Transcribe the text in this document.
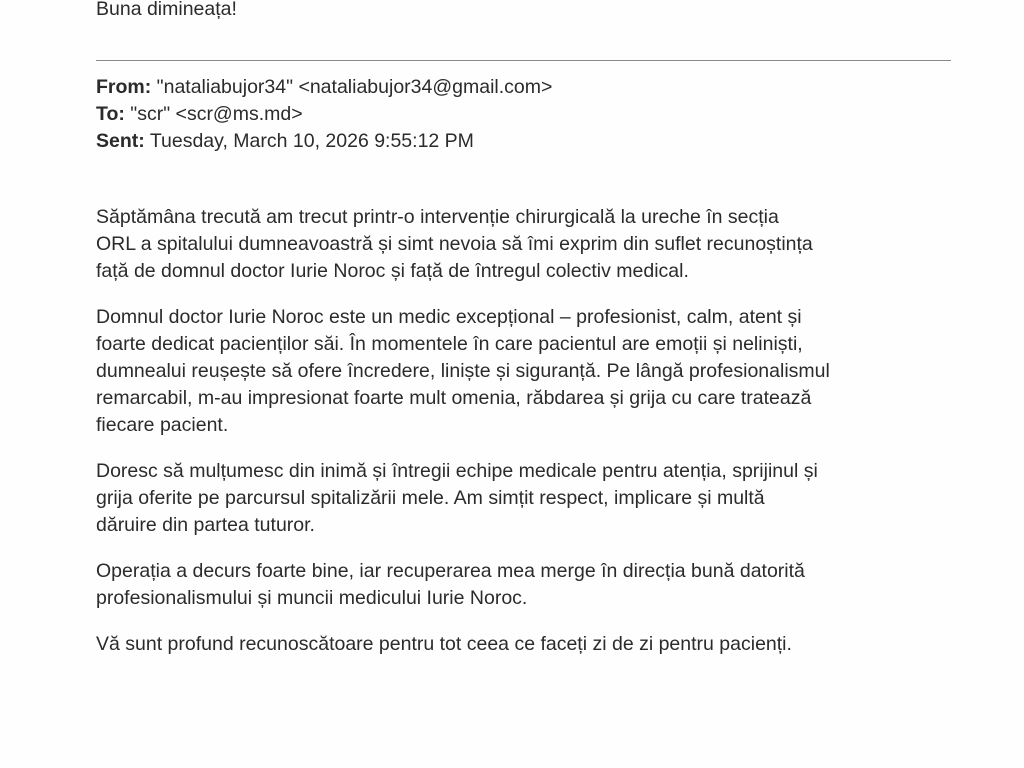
Buna dimineața!

From: "nataliabujor34" <nataliabujor34@gmail.com>
To: "scr" <scr@ms.md>
Sent: Tuesday, March 10, 2026 9:55:12 PM

Săptămâna trecută am trecut printr-o intervenție chirurgicală la ureche în secția
ORL a spitalului dumneavoastră și simt nevoia să îmi exprim din suflet recunoștința
față de domnul doctor Iurie Noroc și față de întregul colectiv medical.

Domnul doctor Iurie Noroc este un medic excepțional – profesionist, calm, atent și
foarte dedicat pacienților săi. În momentele în care pacientul are emoții și neliniști,
dumnealui reușește să ofere încredere, liniște și siguranță. Pe lângă profesionalismul
remarcabil, m-au impresionat foarte mult omenia, răbdarea și grija cu care tratează
fiecare pacient.

Doresc să mulțumesc din inimă și întregii echipe medicale pentru atenția, sprijinul și
grija oferite pe parcursul spitalizării mele. Am simțit respect, implicare și multă
dăruire din partea tuturor.

Operația a decurs foarte bine, iar recuperarea mea merge în direcția bună datorită
profesionalismului și muncii medicului Iurie Noroc.

Vă sunt profund recunoscătoare pentru tot ceea ce faceți zi de zi pentru pacienți.
